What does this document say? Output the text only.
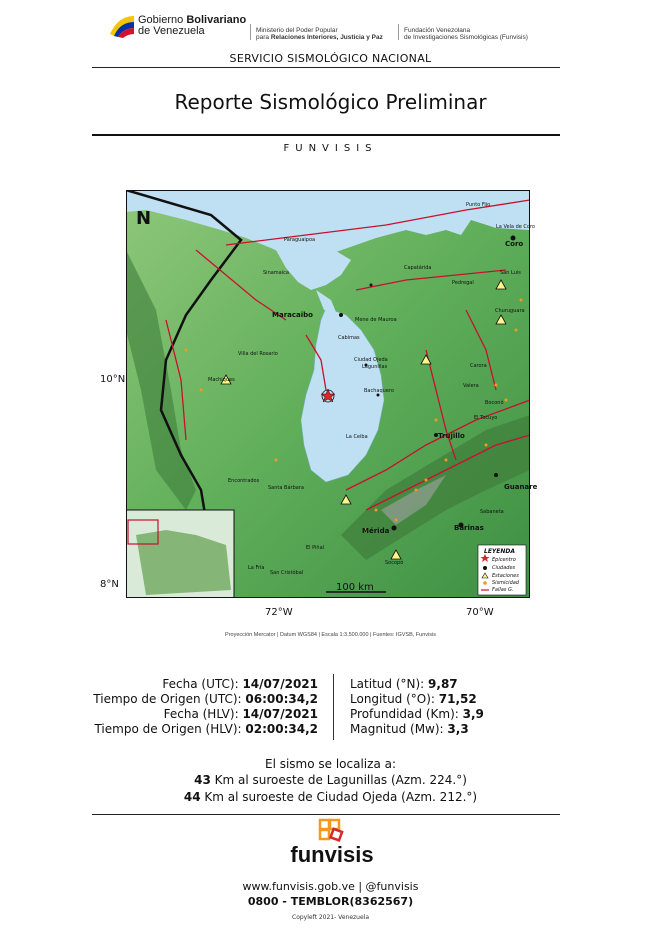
Gobierno Bolivariano
de Venezuela	Ministerio del Poder Popular
para Relaciones Interiores, Justicia y Paz
Fundación Venezolana
de Investigaciones Sismológicas (Funvisis)
SERVICIO SISMOLÓGICO NACIONAL
Reporte Sismológico Preliminar
FUNVISIS
N
10°N
8°N
72°W	70°W
100 km
Punto Fijo
La Vela de Coro
Coro
Paraguaipoa
Sinamaica
Capatárida
Pedregal
San Luis
Churuguara
Maracaibo
Mene de Mauroa
Cabimas
Villa del Rosario
Machiques
Ciudad Ojeda
Lagunillas
Bachaquero
Carora
La Ceiba	Trujillo
El Tocuyo
Encontrados
Santa Bárbara	Guanare
Sabaneta
Mérida	Barinas
Socopó
La Fría
El Piñal
San Cristóbal
Boconó
Valera
LEYENDA
Epicentro
Ciudades
Estaciones
Sismicidad
Fallas G.
Proyección Mercator | Datum WGS84 | Escala 1:3.500.000 | Fuentes: IGVSB, Funvisis
Fecha (UTC): 14/07/2021
Tiempo de Origen (UTC): 06:00:34,2
Fecha (HLV): 14/07/2021
Tiempo de Origen (HLV): 02:00:34,2
Latitud (°N): 9,87
Longitud (°O): 71,52
Profundidad (Km): 3,9
Magnitud (Mw): 3,3
El sismo se localiza a:
43 Km al suroeste de Lagunillas (Azm. 224.°)
44 Km al suroeste de Ciudad Ojeda (Azm. 212.°)
funvisis
www.funvisis.gob.ve | @funvisis
0800 - TEMBLOR(8362567)
Copyleft 2021- Venezuela
